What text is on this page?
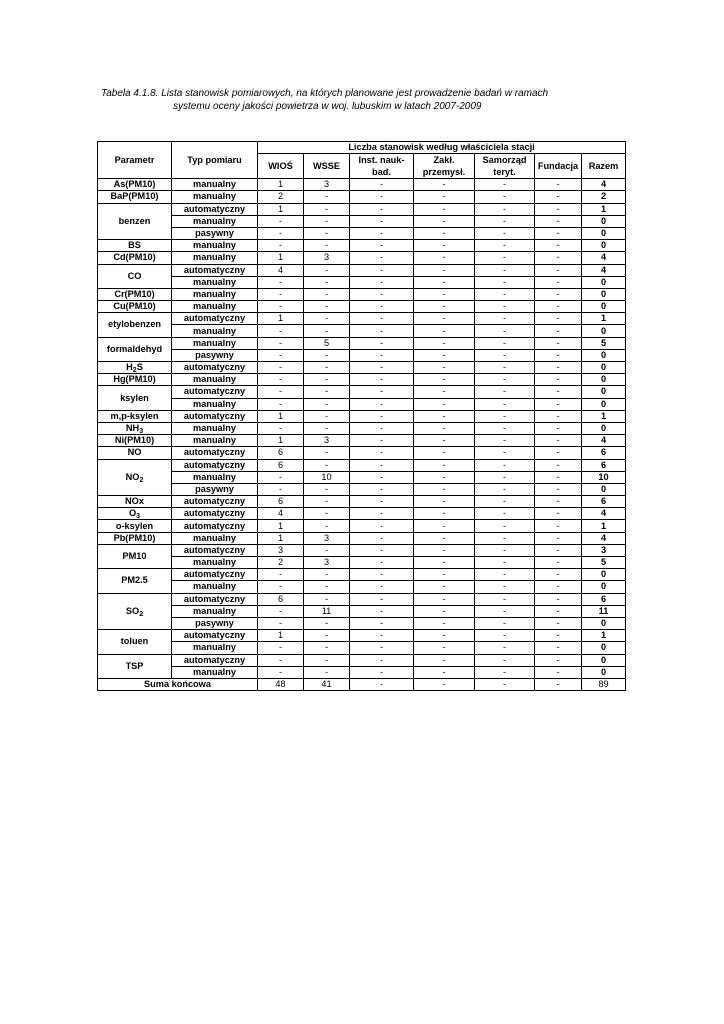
Tabela 4.1.8. Lista stanowisk pomiarowych, na których planowane jest prowadzenie badań w ramach
systemu oceny jakości powietrza w woj. lubuskim w latach 2007-2009
Parametr	Typ pomiaru	Liczba stanowisk według właściciela stacji						
		WIOŚ	WSSE	Inst. nauk-bad.	Zakł. przemysł.	Samorząd teryt.	Fundacja	Razem
As(PM10)	manualny	1	3	-	-	-	-	4
BaP(PM10)	manualny	2	-	-	-	-	-	2
benzen	automatyczny	1	-	-	-	-	-	1
	manualny	-	-	-	-	-	-	0
	pasywny	-	-	-	-	-	-	0
BS	manualny	-	-	-	-	-	-	0
Cd(PM10)	manualny	1	3	-	-	-	-	4
CO	automatyczny	4	-	-	-	-	-	4
	manualny	-	-	-	-	-	-	0
Cr(PM10)	manualny	-	-	-	-	-	-	0
Cu(PM10)	manualny	-	-	-	-	-	-	0
etylobenzen	automatyczny	1	-	-	-	-	-	1
	manualny	-	-	-	-	-	-	0
formaldehyd	manualny	-	5	-	-	-	-	5
	pasywny	-	-	-	-	-	-	0
$H_2S$	automatyczny	-	-	-	-	-	-	0
Hg(PM10)	manualny	-	-	-	-	-	-	0
ksylen	automatyczny	-	-	-	-	-	-	0
	manualny	-	-	-	-	-	-	0
m,p-ksylen	automatyczny	1	-	-	-	-	-	1
$NH_3$	manualny	-	-	-	-	-	-	0
Ni(PM10)	manualny	1	3	-	-	-	-	4
NO	automatyczny	6	-	-	-	-	-	6
$NO_2$	automatyczny	6	-	-	-	-	-	6
	manualny	-	10	-	-	-	-	10
	pasywny	-	-	-	-	-	-	0
NOx	automatyczny	6	-	-	-	-	-	6
$O_3$	automatyczny	4	-	-	-	-	-	4
o-ksylen	automatyczny	1	-	-	-	-	-	1
Pb(PM10)	manualny	1	3	-	-	-	-	4
PM10	automatyczny	3	-	-	-	-	-	3
	manualny	2	3	-	-	-	-	5
PM2.5	automatyczny	-	-	-	-	-	-	0
	manualny	-	-	-	-	-	-	0
$SO_2$	automatyczny	6	-	-	-	-	-	6
	manualny	-	11	-	-	-	-	11
	pasywny	-	-	-	-	-	-	0
toluen	automatyczny	1	-	-	-	-	-	1
	manualny	-	-	-	-	-	-	0
TSP	automatyczny	-	-	-	-	-	-	0
	manualny	-	-	-	-	-	-	0
Suma końcowa		48	41	-	-	-	-	89
